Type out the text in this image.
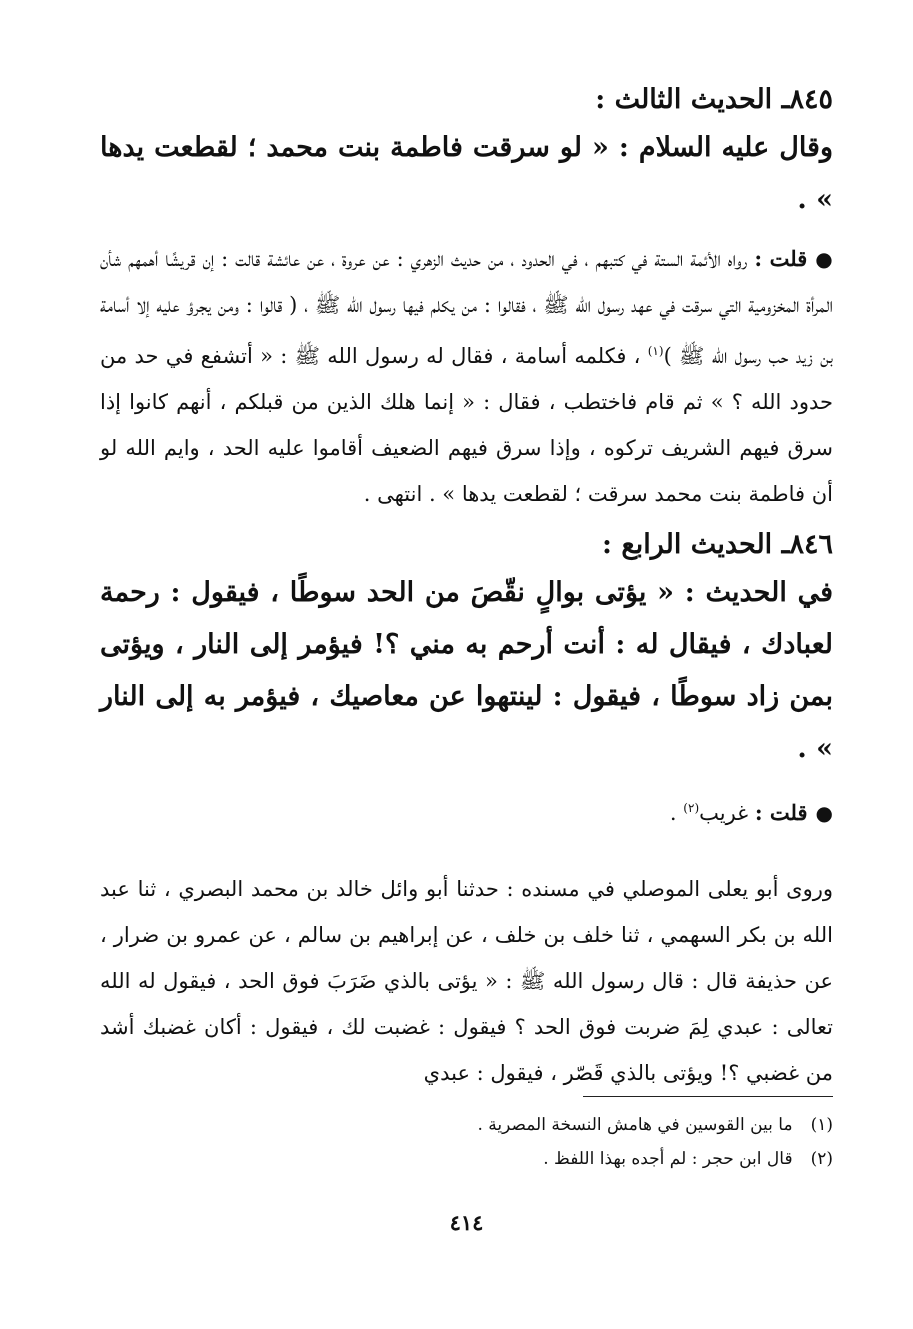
٨٤٥ـ الحديث الثالث :

وقال عليه السلام : « لو سرقت فاطمة بنت محمد ؛ لقطعت يدها » .

●قلت : رواه الأئمة الستة في كتبهم ، في الحدود ، من حديث الزهري : عن عروة ، عن عائشة قالت : إن قريشًا أهمهم شأن المرأة المخزومية التي سرقت في عهد رسول الله ﷺ ، فقالوا : من يكلم فيها رسول الله ﷺ ، ( قالوا : ومن يجرؤ عليه إلا أسامة بن زيد حب رسول الله ﷺ )$^{(١)}$ ، فكلمه أسامة ، فقال له رسول الله ﷺ : « أتشفع في حد من حدود الله ؟ » ثم قام فاختطب ، فقال : « إنما هلك الذين من قبلكم ، أنهم كانوا إذا سرق فيهم الشريف تركوه ، وإذا سرق فيهم الضعيف أقاموا عليه الحد ، وايم الله لو أن فاطمة بنت محمد سرقت ؛ لقطعت يدها » . انتهى .

٨٤٦ـ الحديث الرابع :

في الحديث : « يؤتى بوالٍ نقّصَ من الحد سوطًا ، فيقول : رحمة لعبادك ، فيقال له : أنت أرحم به مني ؟! فيؤمر إلى النار ، ويؤتى بمن زاد سوطًا ، فيقول : لينتهوا عن معاصيك ، فيؤمر به إلى النار » .

●قلت : غريب$^{(٢)}$ .

وروى أبو يعلى الموصلي في مسنده : حدثنا أبو وائل خالد بن محمد البصري ، ثنا عبد الله بن بكر السهمي ، ثنا خلف بن خلف ، عن إبراهيم بن سالم ، عن عمرو بن ضرار ، عن حذيفة قال : قال رسول الله ﷺ : « يؤتى بالذي ضَرَبَ فوق الحد ، فيقول له الله تعالى : عبدي لِمَ ضربت فوق الحد ؟ فيقول : غضبت لك ، فيقول : أكان غضبك أشد من غضبي ؟! ويؤتى بالذي قَصّر ، فيقول : عبدي

(١)ما بين القوسين في هامش النسخة المصرية .
(٢)قال ابن حجر : لم أجده بهذا اللفظ .
٤١٤
